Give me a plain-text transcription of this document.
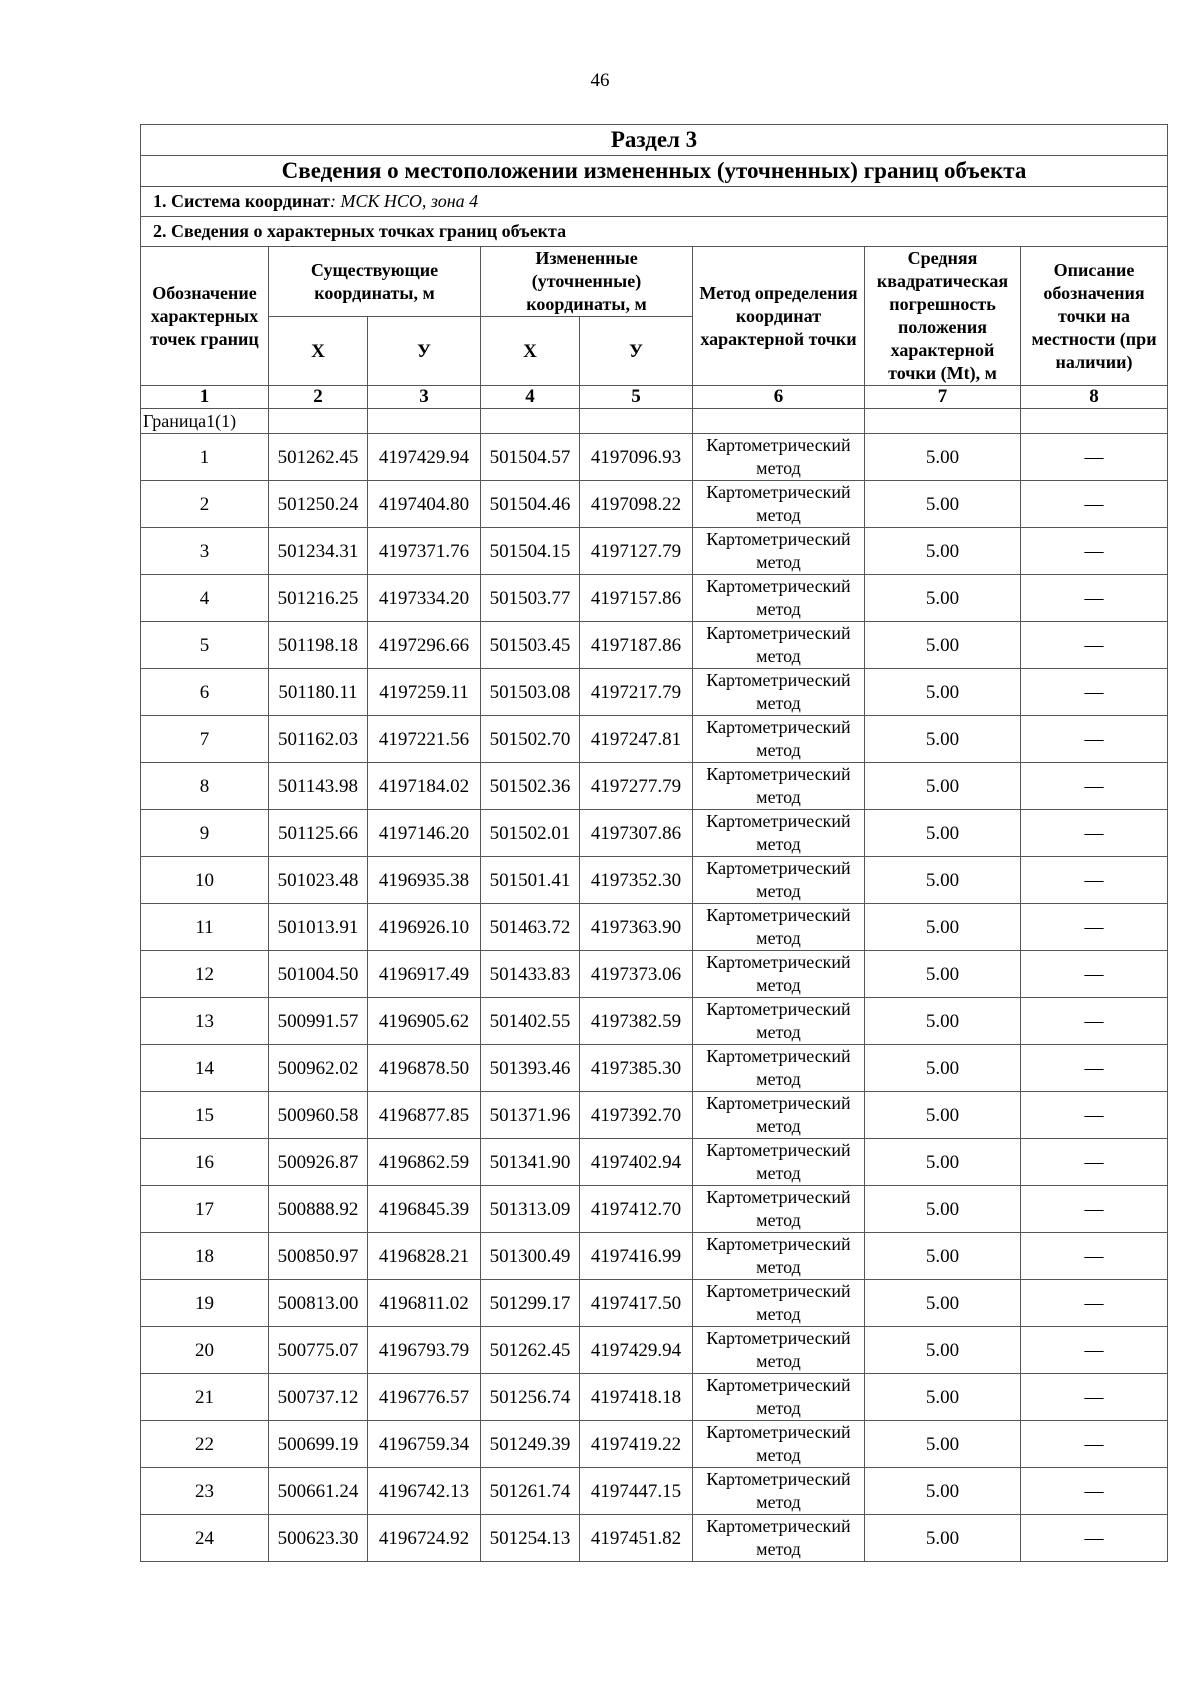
46
Раздел 3							
Сведения о местоположении измененных (уточненных) границ объекта							
1. Система координат: МСК НСО, зона 4							
2. Сведения о характерных точках границ объекта							
Обозначение характерных точек границ	Существующие координаты, м		Измененные (уточненные) координаты, м		Метод определения координат характерной точки	Средняя квадратическая погрешность положения характерной точки (Mt), м	Описание обозначения точки на местности (при наличии)
	X	У	X	У			
1	2	3	4	5	6	7	8
Граница1(1)							
1	501262.45	4197429.94	501504.57	4197096.93	Картометрический метод	5.00	—
2	501250.24	4197404.80	501504.46	4197098.22	Картометрический метод	5.00	—
3	501234.31	4197371.76	501504.15	4197127.79	Картометрический метод	5.00	—
4	501216.25	4197334.20	501503.77	4197157.86	Картометрический метод	5.00	—
5	501198.18	4197296.66	501503.45	4197187.86	Картометрический метод	5.00	—
6	501180.11	4197259.11	501503.08	4197217.79	Картометрический метод	5.00	—
7	501162.03	4197221.56	501502.70	4197247.81	Картометрический метод	5.00	—
8	501143.98	4197184.02	501502.36	4197277.79	Картометрический метод	5.00	—
9	501125.66	4197146.20	501502.01	4197307.86	Картометрический метод	5.00	—
10	501023.48	4196935.38	501501.41	4197352.30	Картометрический метод	5.00	—
11	501013.91	4196926.10	501463.72	4197363.90	Картометрический метод	5.00	—
12	501004.50	4196917.49	501433.83	4197373.06	Картометрический метод	5.00	—
13	500991.57	4196905.62	501402.55	4197382.59	Картометрический метод	5.00	—
14	500962.02	4196878.50	501393.46	4197385.30	Картометрический метод	5.00	—
15	500960.58	4196877.85	501371.96	4197392.70	Картометрический метод	5.00	—
16	500926.87	4196862.59	501341.90	4197402.94	Картометрический метод	5.00	—
17	500888.92	4196845.39	501313.09	4197412.70	Картометрический метод	5.00	—
18	500850.97	4196828.21	501300.49	4197416.99	Картометрический метод	5.00	—
19	500813.00	4196811.02	501299.17	4197417.50	Картометрический метод	5.00	—
20	500775.07	4196793.79	501262.45	4197429.94	Картометрический метод	5.00	—
21	500737.12	4196776.57	501256.74	4197418.18	Картометрический метод	5.00	—
22	500699.19	4196759.34	501249.39	4197419.22	Картометрический метод	5.00	—
23	500661.24	4196742.13	501261.74	4197447.15	Картометрический метод	5.00	—
24	500623.30	4196724.92	501254.13	4197451.82	Картометрический метод	5.00	—
